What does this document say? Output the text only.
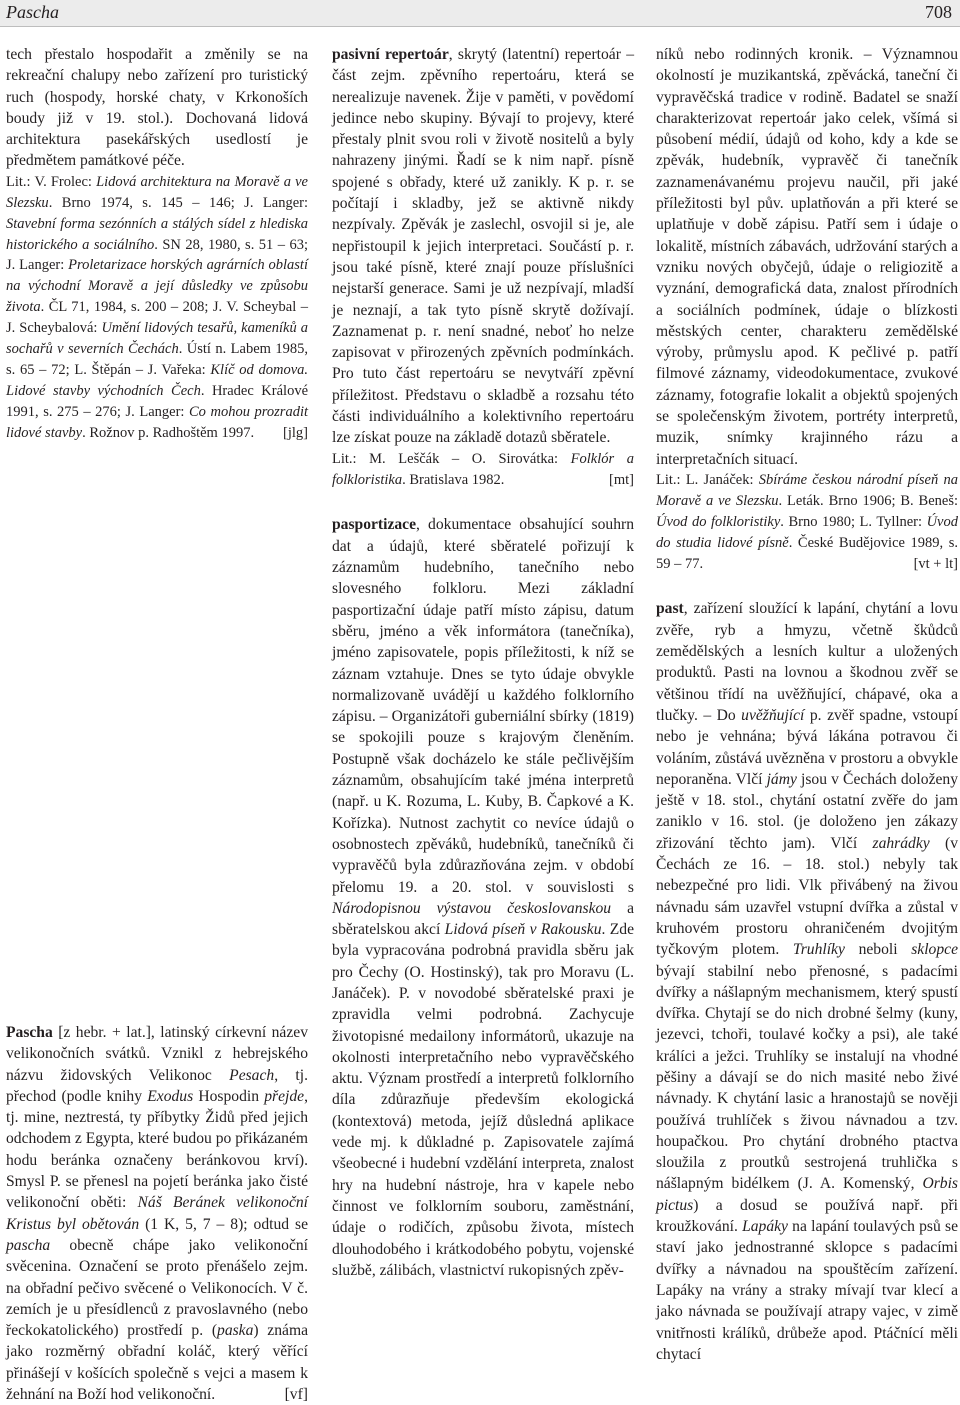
Pascha	708

tech přestalo hospodařit a změnily se na rekreační chalupy nebo zařízení pro turistický ruch (hospody, horské chaty, v Krkonoších boudy již v 19. stol.). Dochovaná lidová architektura pasekářských usedlostí je předmětem památkové péče.

Lit.: V. Frolec: Lidová architektura na Moravě a ve Slezsku. Brno 1974, s. 145 – 146; J. Langer: Stavební forma sezónních a stálých sídel z hlediska historického a sociálního. SN 28, 1980, s. 51 – 63; J. Langer: Proletarizace horských agrárních oblastí na východní Moravě a její důsledky ve způsobu života. ČL 71, 1984, s. 200 – 208; J. V. Scheybal – J. Scheybalová: Umění lidových tesařů, kameníků a sochařů v severních Čechách. Ústí n. Labem 1985, s. 65 – 72; L. Štěpán – J. Vařeka: Klíč od domova. Lidové stavby východních Čech. Hradec Králové 1991, s. 275 – 276; J. Langer: Co mohou prozradit lidové stavby. Rožnov p. Radhoštěm 1997. [jlg]

Pascha [z hebr. + lat.], latinský církevní název velikonočních svátků. Vznikl z hebrejského názvu židovských Velikonoc Pesach, tj. přechod (podle knihy Exodus Hospodin přejde, tj. mine, neztrestá, ty příbytky Židů před jejich odchodem z Egypta, které budou po přikázaném hodu beránka označeny beránkovou krví). Smysl P. se přenesl na pojetí beránka jako čisté velikonoční oběti: Náš Beránek velikonoční Kristus byl obětován (1 K, 5, 7 – 8); odtud se pascha obecně chápe jako velikonoční svěcenina. Označení se proto přenášelo zejm. na obřadní pečivo svěcené o Velikonocích. V č. zemích je u přesídlenců z pravoslavného (nebo řeckokatolického) prostředí p. (paska) známa jako rozměrný obřadní koláč, který věřící přinášejí v košících společně s vejci a masem k žehnání na Boží hod velikonoční.	[vf]

pasivní repertoár, skrytý (latentní) repertoár – část zejm. zpěvního repertoáru, která se nerealizuje navenek. Žije v paměti, v povědomí jedince nebo skupiny. Bývají to projevy, které přestaly plnit svou roli v životě nositelů a byly nahrazeny jinými. Řadí se k nim např. písně spojené s obřady, které už zanikly. K p. r. se počítají i skladby, jež se aktivně nikdy nezpívaly. Zpěvák je zaslechl, osvojil si je, ale nepřistoupil k jejich interpretaci. Součástí p. r. jsou také písně, které znají pouze příslušníci nejstarší generace. Sami je už nezpívají, mladší je neznají, a tak tyto písně skrytě dožívají. Zaznamenat p. r. není snadné, neboť ho nelze zapisovat v přirozených zpěvních podmínkách. Pro tuto část repertoáru se nevytváří zpěvní příležitost. Představu o skladbě a rozsahu této části individuálního a kolektivního repertoáru lze získat pouze na základě dotazů sběratele.

Lit.: M. Leščák – O. Sirovátka: Folklór a folkloristika. Bratislava 1982.	[mt]

pasportizace, dokumentace obsahující souhrn dat a údajů, které sběratelé pořizují k záznamům hudebního, tanečního nebo slovesného folkloru. Mezi základní pasportizační údaje patří místo zápisu, datum sběru, jméno a věk informátora (tanečníka), jméno zapisovatele, popis příležitosti, k níž se záznam vztahuje. Dnes se tyto údaje obvykle normalizovaně uvádějí u každého folklorního zápisu. – Organizátoři guberniální sbírky (1819) se spokojili pouze s krajovým členěním. Postupně však docházelo ke stále pečlivějším záznamům, obsahujícím také jména interpretů (např. u K. Rozuma, L. Kuby, B. Čapkové a K. Kořízka). Nutnost zachytit co nevíce údajů o osobnostech zpěváků, hudebníků, tanečníků či vypravěčů byla zdůrazňována zejm. v období přelomu 19. a 20. stol. v souvislosti s Národopisnou výstavou českoslovanskou a sběratelskou akcí Lidová píseň v Rakousku. Zde byla vypracována podrobná pravidla sběru jak pro Čechy (O. Hostinský), tak pro Moravu (L. Janáček). P. v novodobé sběratelské praxi je zpravidla velmi podrobná. Zachycuje životopisné medailony informátorů, ukazuje na okolnosti interpretačního nebo vypravěčského aktu. Význam prostředí a interpretů folklorního díla zdůrazňuje především ekologická (kontextová) metoda, jejíž důsledná aplikace vede mj. k důkladné p. Zapisovatele zajímá všeobecné i hudební vzdělání interpreta, znalost hry na hudební nástroje, hra v kapele nebo činnost ve folklorním souboru, zaměstnání, údaje o rodičích, způsobu života, místech dlouhodobého i krátkodobého pobytu, vojenské službě, zálibách, vlastnictví rukopisných zpěv-

níků nebo rodinných kronik. – Významnou okolností je muzikantská, zpěvácká, taneční či vypravěčská tradice v rodině. Badatel se snaží charakterizovat repertoár jako celek, všímá si působení médií, údajů od koho, kdy a kde se zpěvák, hudebník, vypravěč či tanečník zaznamenávanému projevu naučil, při jaké příležitosti byl pův. uplatňován a při které se uplatňuje v době zápisu. Patří sem i údaje o lokalitě, místních zábavách, udržování starých a vzniku nových obyčejů, údaje o religiozitě a vyznání, demografická data, znalost přírodních a sociálních podmínek, údaje o blízkosti městských center, charakteru zemědělské výroby, průmyslu apod. K pečlivé p. patří filmové záznamy, videodokumentace, zvukové záznamy, fotografie lokalit a objektů spojených se společenským životem, portréty interpretů, muzik, snímky krajinného rázu a interpretačních situací.

Lit.: L. Janáček: Sbíráme českou národní píseň na Moravě a ve Slezsku. Leták. Brno 1906; B. Beneš: Úvod do folkloristiky. Brno 1980; L. Tyllner: Úvod do studia lidové písně. České Budějovice 1989, s. 59 – 77.	[vt + lt]

past, zařízení sloužící k lapání, chytání a lovu zvěře, ryb a hmyzu, včetně škůdců zemědělských a lesních kultur a uložených produktů. Pasti na lovnou a škodnou zvěř se většinou třídí na uvěžňující, chápavé, oka a tlučky. – Do uvěžňující p. zvěř spadne, vstoupí nebo je vehnána; bývá lákána potravou či voláním, zůstává uvězněna v prostoru a obvykle neporaněna. Vlčí jámy jsou v Čechách doloženy ještě v 18. stol., chytání ostatní zvěře do jam zaniklo v 16. stol. (je doloženo jen zákazy zřizování těchto jam). Vlčí zahrádky (v Čechách ze 16. – 18. stol.) nebyly tak nebezpečné pro lidi. Vlk přivábený na živou návnadu sám uzavřel vstupní dvířka a zůstal v kruhovém prostoru ohraničeném dvojitým tyčkovým plotem. Truhlíky neboli sklopce bývají stabilní nebo přenosné, s padacími dvířky a nášlapným mechanismem, který spustí dvířka. Chytají se do nich drobné šelmy (kuny, jezevci, tchoři, toulavé kočky a psi), ale také králíci a ježci. Truhlíky se instalují na vhodné pěšiny a dávají se do nich masité nebo živé návnady. K chytání lasic a hranostajů se nověji používá truhlíček s živou návnadou a tzv. houpačkou. Pro chytání drobného ptactva sloužila z proutků sestrojená truhlička s nášlapným bidélkem (J. A. Komenský, Orbis pictus) a dosud se používá např. při kroužkování. Lapáky na lapání toulavých psů se staví jako jednostranné sklopce s padacími dvířky a návnadou na spouštěcím zařízení. Lapáky na vrány a straky mívají tvar klecí a jako návnada se používají atrapy vajec, v zimě vnitřnosti králíků, drůbeže apod. Ptáčnící měli chytací
